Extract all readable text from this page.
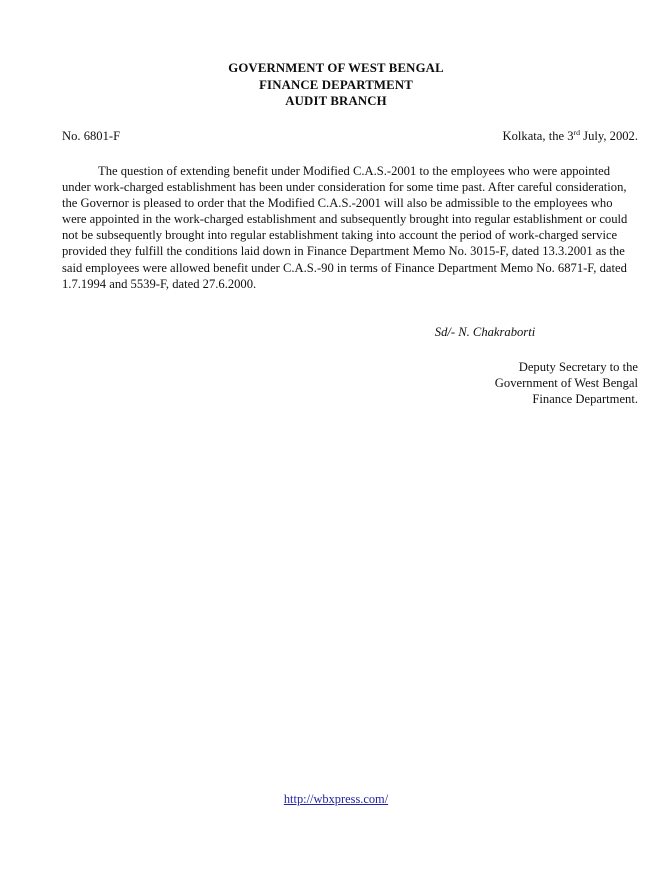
GOVERNMENT OF WEST BENGAL
FINANCE DEPARTMENT
AUDIT BRANCH
No. 6801-F	Kolkata, the 3rd July, 2002.

The question of extending benefit under Modified C.A.S.-2001 to the employees who were appointed under work-charged establishment has been under consideration for some time past. After careful consideration, the Governor is pleased to order that the Modified C.A.S.-2001 will also be admissible to the employees who were appointed in the work-charged establishment and subsequently brought into regular establishment or could not be subsequently brought into regular establishment taking into account the period of work-charged service provided they fulfill the conditions laid down in Finance Department Memo No. 3015-F, dated 13.3.2001 as the said employees were allowed benefit under C.A.S.-90 in terms of Finance Department Memo No. 6871-F, dated 1.7.1994 and 5539-F, dated 27.6.2000.

Sd/- N. Chakraborti
Deputy Secretary to the
Government of West Bengal
Finance Department.
http://wbxpress.com/
